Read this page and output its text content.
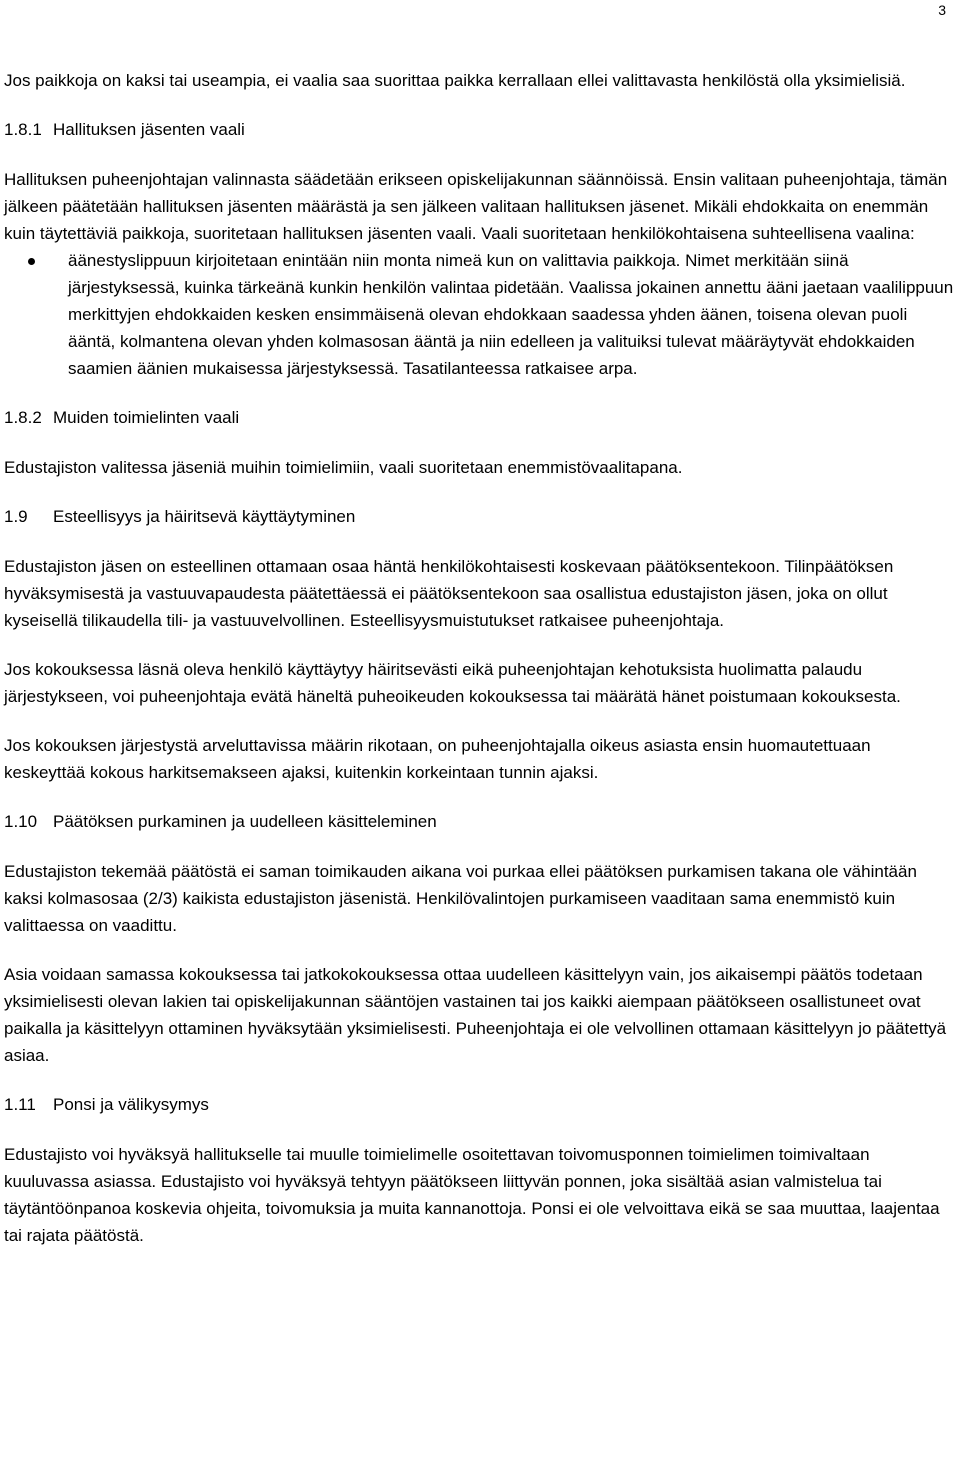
3

Jos paikkoja on kaksi tai useampia, ei vaalia saa suorittaa paikka kerrallaan ellei valittavasta henkilöstä olla yksimielisiä.

1.8.1 Hallituksen jäsenten vaali

Hallituksen puheenjohtajan valinnasta säädetään erikseen opiskelijakunnan säännöissä. Ensin valitaan puheenjohtaja, tämän jälkeen päätetään hallituksen jäsenten määrästä ja sen jälkeen valitaan hallituksen jäsenet. Mikäli ehdokkaita on enemmän kuin täytettäviä paikkoja, suoritetaan hallituksen jäsenten vaali. Vaali suoritetaan henkilökohtaisena suhteellisena vaalina:

äänestyslippuun kirjoitetaan enintään niin monta nimeä kun on valittavia paikkoja. Nimet merkitään siinä järjestyksessä, kuinka tärkeänä kunkin henkilön valintaa pidetään. Vaalissa jokainen annettu ääni jaetaan vaalilippuun merkittyjen ehdokkaiden kesken ensimmäisenä olevan ehdokkaan saadessa yhden äänen, toisena olevan puoli ääntä, kolmantena olevan yhden kolmasosan ääntä ja niin edelleen ja valituiksi tulevat määräytyvät ehdokkaiden saamien äänien mukaisessa järjestyksessä. Tasatilanteessa ratkaisee arpa.

1.8.2 Muiden toimielinten vaali

Edustajiston valitessa jäseniä muihin toimielimiin, vaali suoritetaan enemmistövaalitapana.

1.9	Esteellisyys ja häiritsevä käyttäytyminen

Edustajiston jäsen on esteellinen ottamaan osaa häntä henkilökohtaisesti koskevaan päätöksentekoon. Tilinpäätöksen hyväksymisestä ja vastuuvapaudesta päätettäessä ei päätöksentekoon saa osallistua edustajiston jäsen, joka on ollut kyseisellä tilikaudella tili- ja vastuuvelvollinen. Esteellisyysmuistutukset ratkaisee puheenjohtaja.

Jos kokouksessa läsnä oleva henkilö käyttäytyy häiritsevästi eikä puheenjohtajan kehotuksista huolimatta palaudu järjestykseen, voi puheenjohtaja evätä häneltä puheoikeuden kokouksessa tai määrätä hänet poistumaan kokouksesta.

Jos kokouksen järjestystä arveluttavissa määrin rikotaan, on puheenjohtajalla oikeus asiasta ensin huomautettuaan keskeyttää kokous harkitsemakseen ajaksi, kuitenkin korkeintaan tunnin ajaksi.

1.10 Päätöksen purkaminen ja uudelleen käsitteleminen

Edustajiston tekemää päätöstä ei saman toimikauden aikana voi purkaa ellei päätöksen purkamisen takana ole vähintään kaksi kolmasosaa (2/3) kaikista edustajiston jäsenistä. Henkilövalintojen purkamiseen vaaditaan sama enemmistö kuin valittaessa on vaadittu.

Asia voidaan samassa kokouksessa tai jatkokokouksessa ottaa uudelleen käsittelyyn vain, jos aikaisempi päätös todetaan yksimielisesti olevan lakien tai opiskelijakunnan sääntöjen vastainen tai jos kaikki aiempaan päätökseen osallistuneet ovat paikalla ja käsittelyyn ottaminen hyväksytään yksimielisesti. Puheenjohtaja ei ole velvollinen ottamaan käsittelyyn jo päätettyä asiaa.

1.11	Ponsi ja välikysymys

Edustajisto voi hyväksyä hallitukselle tai muulle toimielimelle osoitettavan toivomusponnen toimielimen toimivaltaan kuuluvassa asiassa. Edustajisto voi hyväksyä tehtyyn päätökseen liittyvän ponnen, joka sisältää asian valmistelua tai täytäntöönpanoa koskevia ohjeita, toivomuksia ja muita kannanottoja. Ponsi ei ole velvoittava eikä se saa muuttaa, laajentaa tai rajata päätöstä.
